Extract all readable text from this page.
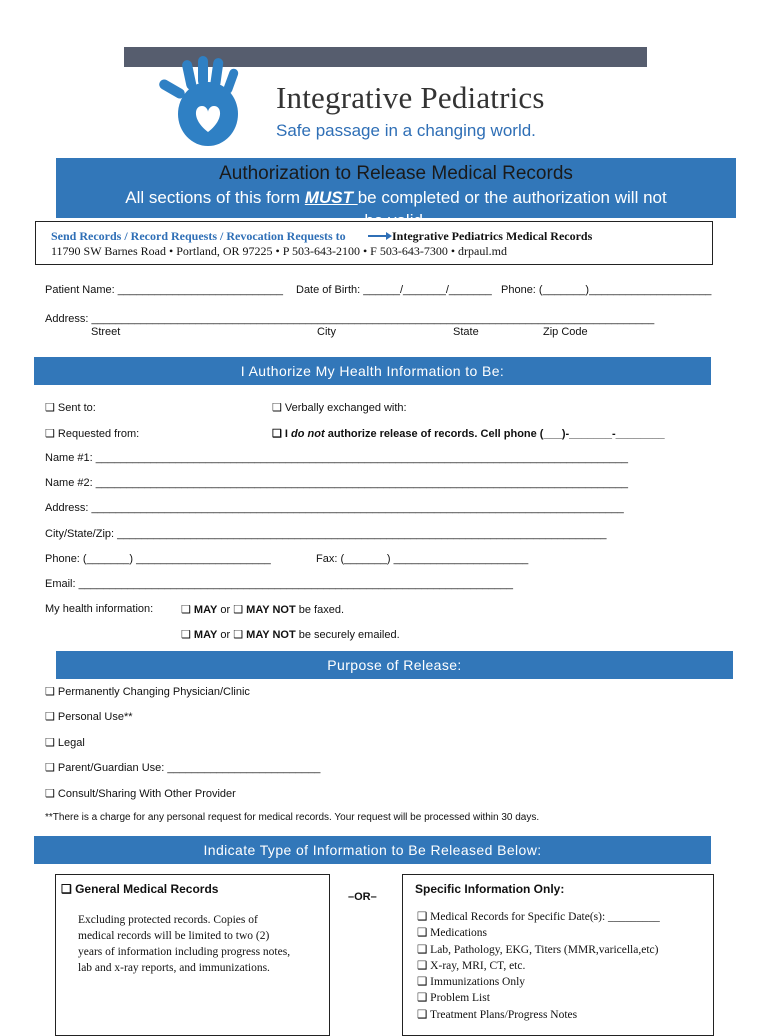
Integrative Pediatrics
Safe passage in a changing world.
Authorization to Release Medical Records
All sections of this form MUST be completed or the authorization will not
Send Records / Record Requests / Revocation Requests to	Integrative Pediatrics Medical Records
11790 SW Barnes Road • Portland, OR 97225 • P 503-643-2100 • F 503-643-7300 • drpaul.md
Patient Name: ___________________________ Date of Birth: ______/_______/_______ Phone: (_______)____________________
Address: ____________________________________________________________________________________________
Street	City	State	Zip Code
I Authorize My Health Information to Be:
❑ Sent to:	❑ Verbally exchanged with:
❑ Requested from:	❑ I do not authorize release of records. Cell phone (___)-_______-________
Name #1: _______________________________________________________________________________________
Name #2: _______________________________________________________________________________________
Address: _______________________________________________________________________________________
City/State/Zip: ________________________________________________________________________________
Phone: (_______) ______________________	Fax: (_______) ______________________
Email: _______________________________________________________________________
My health information:	❑ MAY or ❑ MAY NOT be faxed.
❑ MAY or ❑ MAY NOT be securely emailed.
Purpose of Release:
❑ Permanently Changing Physician/Clinic
❑ Personal Use**
❑ Legal
❑ Parent/Guardian Use: _________________________
❑ Consult/Sharing With Other Provider
**There is a charge for any personal request for medical records. Your request will be processed within 30 days.
Indicate Type of Information to Be Released Below:
❑ General Medical Records
Excluding protected records. Copies of
medical records will be limited to two (2)
years of information including progress notes,
lab and x-ray reports, and immunizations.
–OR–
Specific Information Only:
❑ Medical Records for Specific Date(s): _________
❑ Medications
❑ Lab, Pathology, EKG, Titers (MMR,varicella,etc)
❑ X-ray, MRI, CT, etc.
❑ Immunizations Only
❑ Problem List
❑ Treatment Plans/Progress Notes
